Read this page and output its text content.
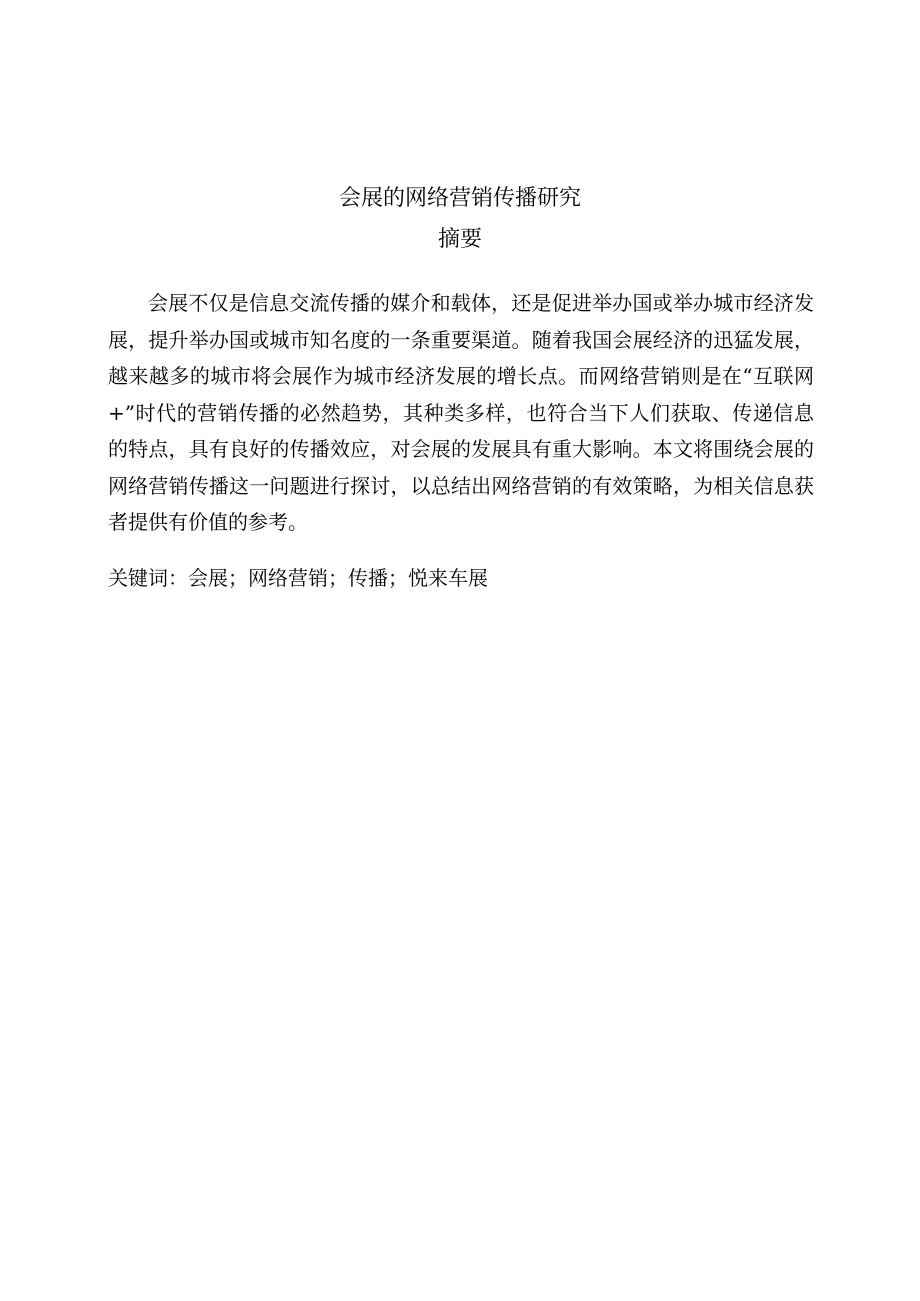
会展的网络营销传播研究
摘要

会展不仅是信息交流传播的媒介和载体，还是促进举办国或举办城市经济发展，提升举办国或城市知名度的一条重要渠道。随着我国会展经济的迅猛发展，越来越多的城市将会展作为城市经济发展的增长点。而网络营销则是在“互联网+”时代的营销传播的必然趋势，其种类多样，也符合当下人们获取、传递信息的特点，具有良好的传播效应，对会展的发展具有重大影响。本文将围绕会展的网络营销传播这一问题进行探讨，以总结出网络营销的有效策略，为相关信息获者提供有价值的参考。

关键词：会展；网络营销；传播；悦来车展
